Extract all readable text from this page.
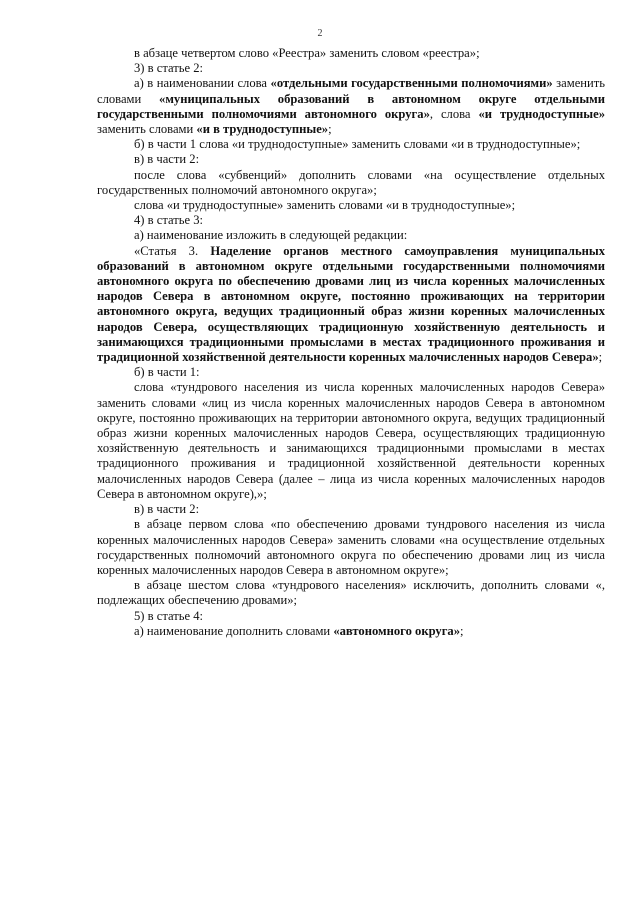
2

в абзаце четвертом слово «Реестра» заменить словом «реестра»;

3) в статье 2:

а) в наименовании слова «отдельными государственными полномочиями» заменить словами «муниципальных образований в автономном округе отдельными государственными полномочиями автономного округа», слова «и труднодоступные» заменить словами «и в труднодоступные»;

б) в части 1 слова «и труднодоступные» заменить словами «и в труднодоступные»;

в) в части 2:

после слова «субвенций» дополнить словами «на осуществление отдельных государственных полномочий автономного округа»;

слова «и труднодоступные» заменить словами «и в труднодоступные»;

4) в статье 3:

а) наименование изложить в следующей редакции:

«Статья 3. Наделение органов местного самоуправления муниципальных образований в автономном округе отдельными государственными полномочиями автономного округа по обеспечению дровами лиц из числа коренных малочисленных народов Севера в автономном округе, постоянно проживающих на территории автономного округа, ведущих традиционный образ жизни коренных малочисленных народов Севера, осуществляющих традиционную хозяйственную деятельность и занимающихся традиционными промыслами в местах традиционного проживания и традиционной хозяйственной деятельности коренных малочисленных народов Севера»;

б) в части 1:

слова «тундрового населения из числа коренных малочисленных народов Севера» заменить словами «лиц из числа коренных малочисленных народов Севера в автономном округе, постоянно проживающих на территории автономного округа, ведущих традиционный образ жизни коренных малочисленных народов Севера, осуществляющих традиционную хозяйственную деятельность и занимающихся традиционными промыслами в местах традиционного проживания и традиционной хозяйственной деятельности коренных малочисленных народов Севера (далее – лица из числа коренных малочисленных народов Севера в автономном округе),»;

в) в части 2:

в абзаце первом слова «по обеспечению дровами тундрового населения из числа коренных малочисленных народов Севера» заменить словами «на осуществление отдельных государственных полномочий автономного округа по обеспечению дровами лиц из числа коренных малочисленных народов Севера в автономном округе»;

в абзаце шестом слова «тундрового населения» исключить, дополнить словами «, подлежащих обеспечению дровами»;

5) в статье 4:

а) наименование дополнить словами «автономного округа»;
